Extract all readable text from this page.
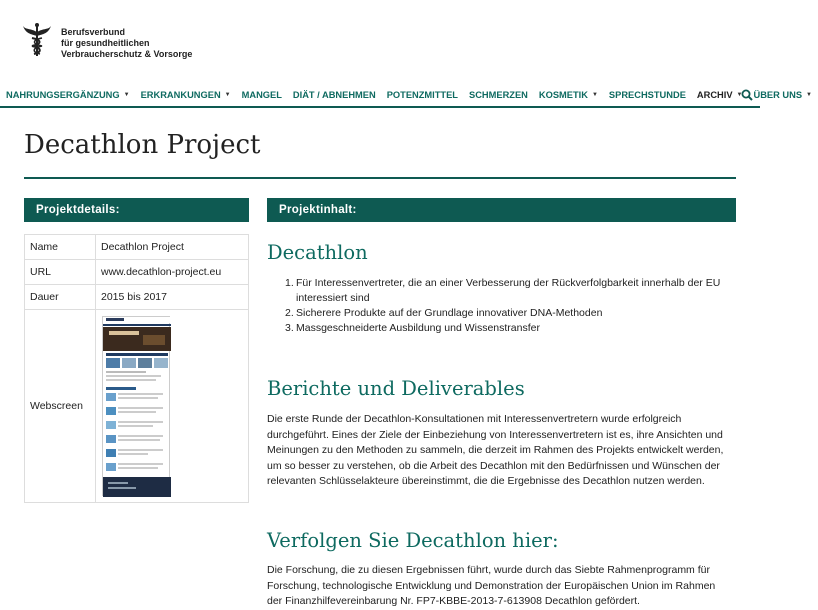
Berufsverbund
für gesundheitlichen
Verbraucherschutz & Vorsorge
NAHRUNGSERGÄNZUNG ▼ ERKRANKUNGEN ▼ MANGEL DIÄT / ABNEHMEN POTENZMITTEL SCHMERZEN KOSMETIK ▼ SPRECHSTUNDE ARCHIV ▼ ÜBER UNS ▼
Decathlon Project
Projektdetails:
Name	Decathlon Project
URL	www.decathlon-project.eu
Dauer	2015 bis 2017
Webscreen	
Projektinhalt:
Decathlon
1. Für Interessenvertreter, die an einer Verbesserung der Rückverfolgbarkeit innerhalb der EU interessiert sind
2. Sicherere Produkte auf der Grundlage innovativer DNA-Methoden
3. Massgeschneiderte Ausbildung und Wissenstransfer
Berichte und Deliverables

Die erste Runde der Decathlon-Konsultationen mit Interessenvertretern wurde erfolgreich durchgeführt. Eines der Ziele der Einbeziehung von Interessenvertretern ist es, ihre Ansichten und Meinungen zu den Methoden zu sammeln, die derzeit im Rahmen des Projekts entwickelt werden, um so besser zu verstehen, ob die Arbeit des Decathlon mit den Bedürfnissen und Wünschen der relevanten Schlüsselakteure übereinstimmt, die die Ergebnisse des Decathlon nutzen werden.

Verfolgen Sie Decathlon hier:

Die Forschung, die zu diesen Ergebnissen führt, wurde durch das Siebte Rahmenprogramm für Forschung, technologische Entwicklung und Demonstration der Europäischen Union im Rahmen der Finanzhilfevereinbarung Nr. FP7-KBBE-2013-7-613908 Decathlon gefördert.
